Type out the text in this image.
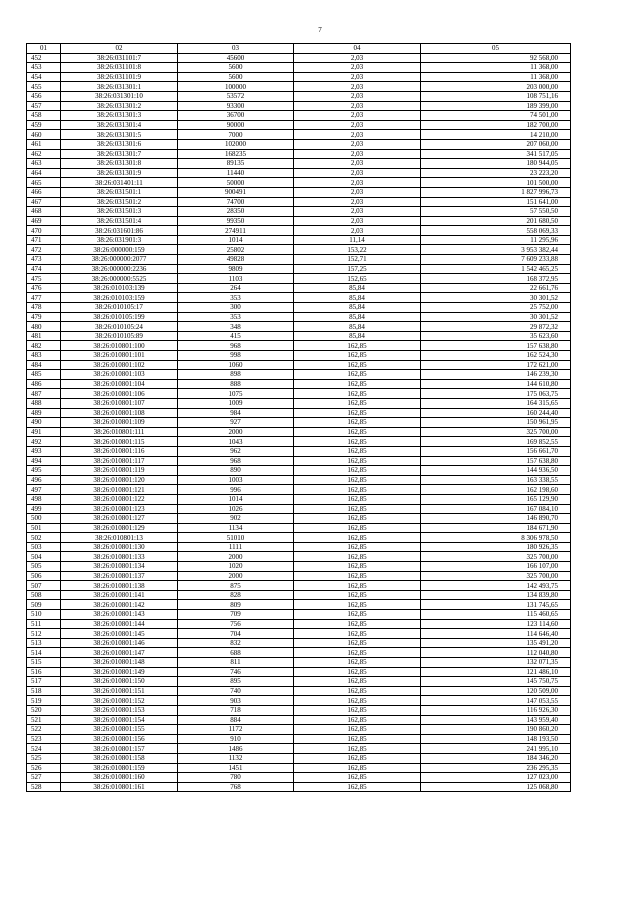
7
01	02	03	04	05
452	38:26:031101:7	45600	2,03	92 568,00
453	38:26:031101:8	5600	2,03	11 368,00
454	38:26:031101:9	5600	2,03	11 368,00
455	38:26:031301:1	100000	2,03	203 000,00
456	38:26:031301:10	53572	2,03	108 751,16
457	38:26:031301:2	93300	2,03	189 399,00
458	38:26:031301:3	36700	2,03	74 501,00
459	38:26:031301:4	90000	2,03	182 700,00
460	38:26:031301:5	7000	2,03	14 210,00
461	38:26:031301:6	102000	2,03	207 060,00
462	38:26:031301:7	168235	2,03	341 517,05
463	38:26:031301:8	89135	2,03	180 944,05
464	38:26:031301:9	11440	2,03	23 223,20
465	38:26:031401:11	50000	2,03	101 500,00
466	38:26:031501:1	900491	2,03	1 827 996,73
467	38:26:031501:2	74700	2,03	151 641,00
468	38:26:031501:3	28350	2,03	57 550,50
469	38:26:031501:4	99350	2,03	201 680,50
470	38:26:031601:86	274911	2,03	558 069,33
471	38:26:031901:3	1014	11,14	11 295,96
472	38:26:000000:159	25802	153,22	3 953 382,44
473	38:26:000000:2077	49828	152,71	7 609 233,88
474	38:26:000000:2236	9809	157,25	1 542 465,25
475	38:26:000000:5525	1103	152,65	168 372,95
476	38:26:010103:139	264	85,84	22 661,76
477	38:26:010103:159	353	85,84	30 301,52
478	38:26:010105:17	300	85,84	25 752,00
479	38:26:010105:199	353	85,84	30 301,52
480	38:26:010105:24	348	85,84	29 872,32
481	38:26:010105:89	415	85,84	35 623,60
482	38:26:010801:100	968	162,85	157 638,80
483	38:26:010801:101	998	162,85	162 524,30
484	38:26:010801:102	1060	162,85	172 621,00
485	38:26:010801:103	898	162,85	146 239,30
486	38:26:010801:104	888	162,85	144 610,80
487	38:26:010801:106	1075	162,85	175 063,75
488	38:26:010801:107	1009	162,85	164 315,65
489	38:26:010801:108	984	162,85	160 244,40
490	38:26:010801:109	927	162,85	150 961,95
491	38:26:010801:111	2000	162,85	325 700,00
492	38:26:010801:115	1043	162,85	169 852,55
493	38:26:010801:116	962	162,85	156 661,70
494	38:26:010801:117	968	162,85	157 638,80
495	38:26:010801:119	890	162,85	144 936,50
496	38:26:010801:120	1003	162,85	163 338,55
497	38:26:010801:121	996	162,85	162 198,60
498	38:26:010801:122	1014	162,85	165 129,90
499	38:26:010801:123	1026	162,85	167 084,10
500	38:26:010801:127	902	162,85	146 890,70
501	38:26:010801:129	1134	162,85	184 671,90
502	38:26:010801:13	51010	162,85	8 306 978,50
503	38:26:010801:130	1111	162,85	180 926,35
504	38:26:010801:133	2000	162,85	325 700,00
505	38:26:010801:134	1020	162,85	166 107,00
506	38:26:010801:137	2000	162,85	325 700,00
507	38:26:010801:138	875	162,85	142 493,75
508	38:26:010801:141	828	162,85	134 839,80
509	38:26:010801:142	809	162,85	131 745,65
510	38:26:010801:143	709	162,85	115 460,65
511	38:26:010801:144	756	162,85	123 114,60
512	38:26:010801:145	704	162,85	114 646,40
513	38:26:010801:146	832	162,85	135 491,20
514	38:26:010801:147	688	162,85	112 040,80
515	38:26:010801:148	811	162,85	132 071,35
516	38:26:010801:149	746	162,85	121 486,10
517	38:26:010801:150	895	162,85	145 750,75
518	38:26:010801:151	740	162,85	120 509,00
519	38:26:010801:152	903	162,85	147 053,55
520	38:26:010801:153	718	162,85	116 926,30
521	38:26:010801:154	884	162,85	143 959,40
522	38:26:010801:155	1172	162,85	190 860,20
523	38:26:010801:156	910	162,85	148 193,50
524	38:26:010801:157	1486	162,85	241 995,10
525	38:26:010801:158	1132	162,85	184 346,20
526	38:26:010801:159	1451	162,85	236 295,35
527	38:26:010801:160	780	162,85	127 023,00
528	38:26:010801:161	768	162,85	125 068,80
